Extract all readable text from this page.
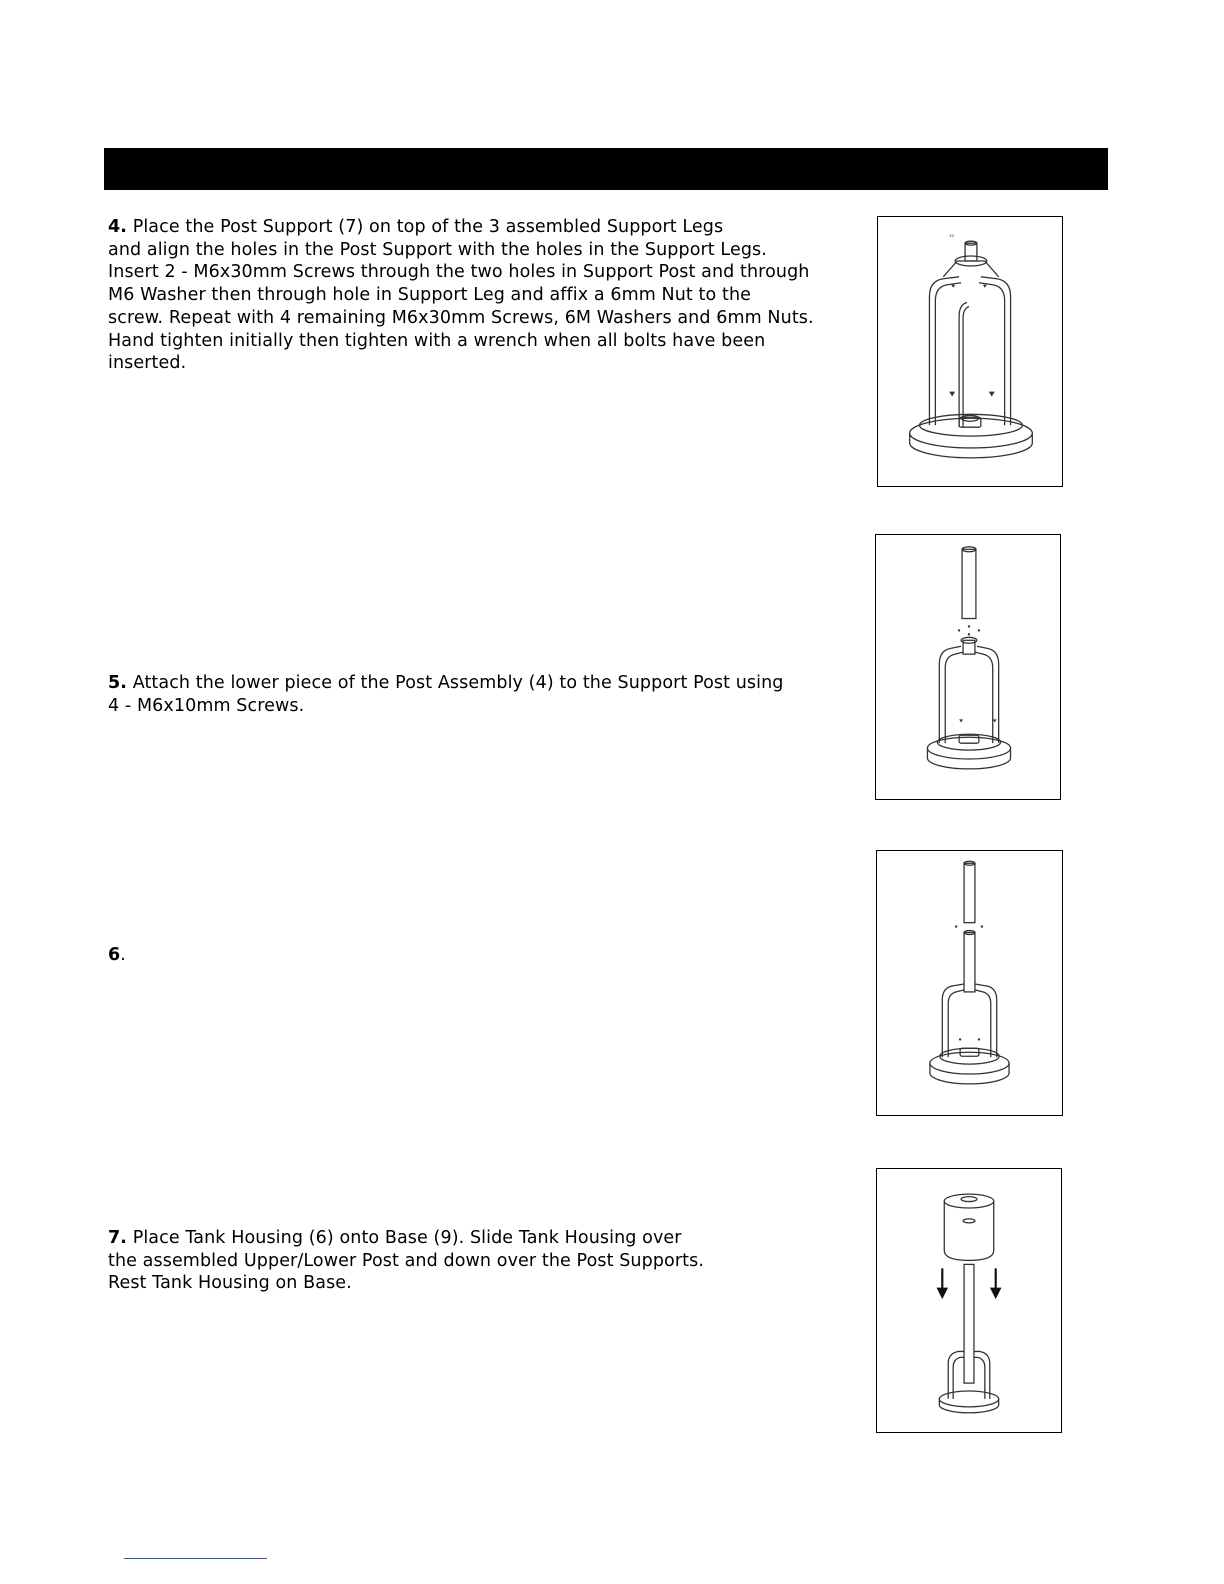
4. Place the Post Support (7) on top of the 3 assembled Support Legs
and align the holes in the Post Support with the holes in the Support Legs.
Insert 2 - M6x30mm Screws through the two holes in Support Post and through
M6 Washer then through hole in Support Leg and affix a 6mm Nut to the
screw. Repeat with 4 remaining M6x30mm Screws, 6M Washers and 6mm Nuts.
Hand tighten initially then tighten with a wrench when all bolts have been
inserted.
5. Attach the lower piece of the Post Assembly (4) to the Support Post using
4 - M6x10mm Screws.
6.
7. Place Tank Housing (6) onto Base (9). Slide Tank Housing over
the assembled Upper/Lower Post and down over the Post Supports.
Rest Tank Housing on Base.
ᵞᵞ
